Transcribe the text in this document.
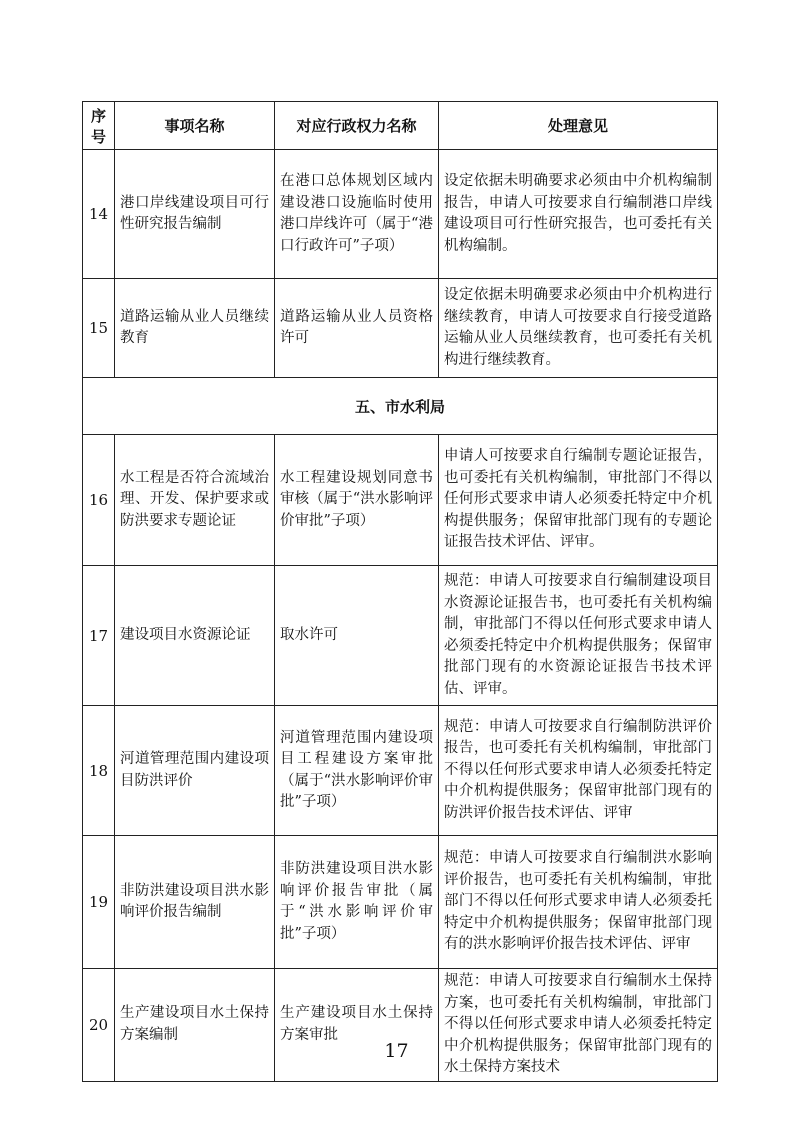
序号	事项名称	对应行政权力名称	处理意见
14	港口岸线建设项目可行性研究报告编制	在港口总体规划区域内建设港口设施临时使用港口岸线许可（属于“港口行政许可”子项）	设定依据未明确要求必须由中介机构编制报告，申请人可按要求自行编制港口岸线建设项目可行性研究报告，也可委托有关机构编制。
15	道路运输从业人员继续教育	道路运输从业人员资格许可	设定依据未明确要求必须由中介机构进行继续教育，申请人可按要求自行接受道路运输从业人员继续教育，也可委托有关机构进行继续教育。
五、市水利局			
16	水工程是否符合流域治理、开发、保护要求或防洪要求专题论证	水工程建设规划同意书审核（属于“洪水影响评价审批”子项）	申请人可按要求自行编制专题论证报告，也可委托有关机构编制，审批部门不得以任何形式要求申请人必须委托特定中介机构提供服务；保留审批部门现有的专题论证报告技术评估、评审。
17	建设项目水资源论证	取水许可	规范：申请人可按要求自行编制建设项目水资源论证报告书，也可委托有关机构编制，审批部门不得以任何形式要求申请人必须委托特定中介机构提供服务；保留审批部门现有的水资源论证报告书技术评估、评审。
18	河道管理范围内建设项目防洪评价	河道管理范围内建设项目工程建设方案审批（属于“洪水影响评价审批”子项）	规范：申请人可按要求自行编制防洪评价报告，也可委托有关机构编制，审批部门不得以任何形式要求申请人必须委托特定中介机构提供服务；保留审批部门现有的防洪评价报告技术评估、评审
19	非防洪建设项目洪水影响评价报告编制	非防洪建设项目洪水影响评价报告审批（属于“洪水影响评价审批”子项）	规范：申请人可按要求自行编制洪水影响评价报告，也可委托有关机构编制，审批部门不得以任何形式要求申请人必须委托特定中介机构提供服务；保留审批部门现有的洪水影响评价报告技术评估、评审
20	生产建设项目水土保持方案编制	生产建设项目水土保持方案审批	规范：申请人可按要求自行编制水土保持方案，也可委托有关机构编制，审批部门不得以任何形式要求申请人必须委托特定中介机构提供服务；保留审批部门现有的水土保持方案技术
17
